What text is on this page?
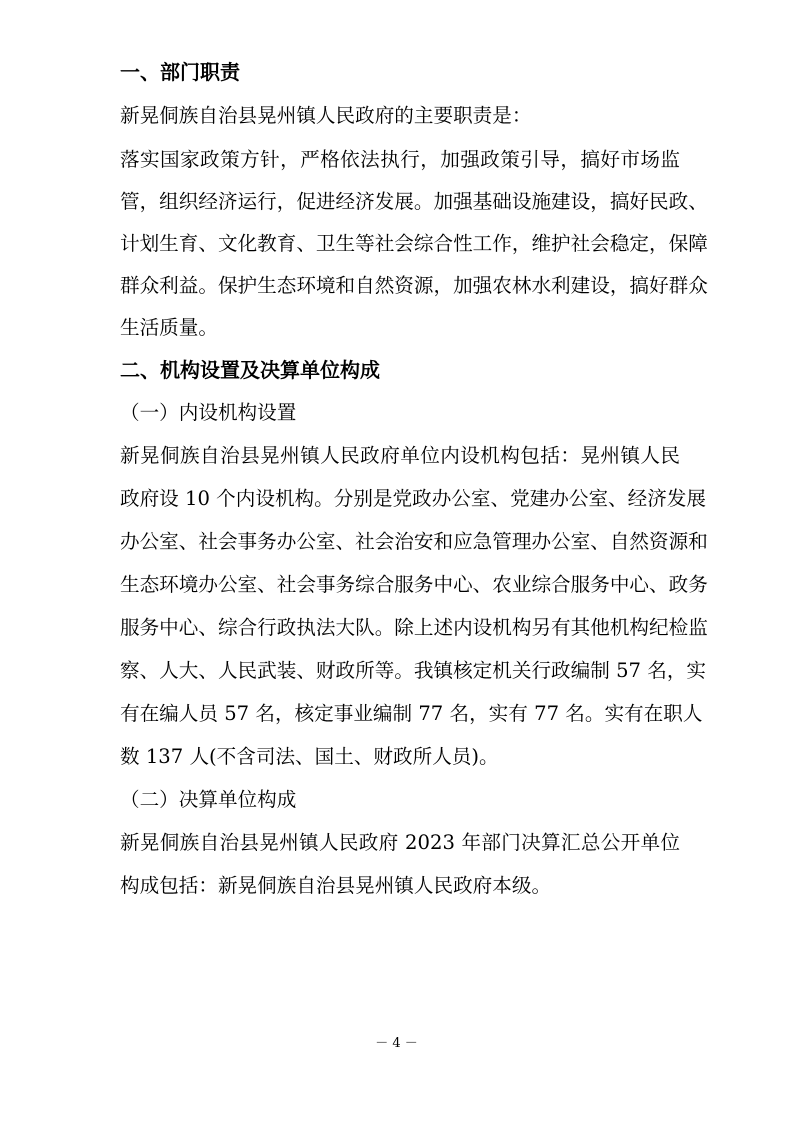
一、部门职责
新晃侗族自治县晃州镇人民政府的主要职责是：
落实国家政策方针，严格依法执行，加强政策引导，搞好市场监
管，组织经济运行，促进经济发展。加强基础设施建设，搞好民政、
计划生育、文化教育、卫生等社会综合性工作，维护社会稳定，保障
群众利益。保护生态环境和自然资源，加强农林水利建设，搞好群众
生活质量。
二、机构设置及决算单位构成
（一）内设机构设置
新晃侗族自治县晃州镇人民政府单位内设机构包括：晃州镇人民
政府设 10 个内设机构。分别是党政办公室、党建办公室、经济发展
办公室、社会事务办公室、社会治安和应急管理办公室、自然资源和
生态环境办公室、社会事务综合服务中心、农业综合服务中心、政务
服务中心、综合行政执法大队。除上述内设机构另有其他机构纪检监
察、人大、人民武装、财政所等。我镇核定机关行政编制 57 名，实
有在编人员 57 名，核定事业编制 77 名，实有 77 名。实有在职人
数 137 人(不含司法、国土、财政所人员)。
（二）决算单位构成
新晃侗族自治县晃州镇人民政府 2023 年部门决算汇总公开单位
构成包括：新晃侗族自治县晃州镇人民政府本级。
－ 4 －
